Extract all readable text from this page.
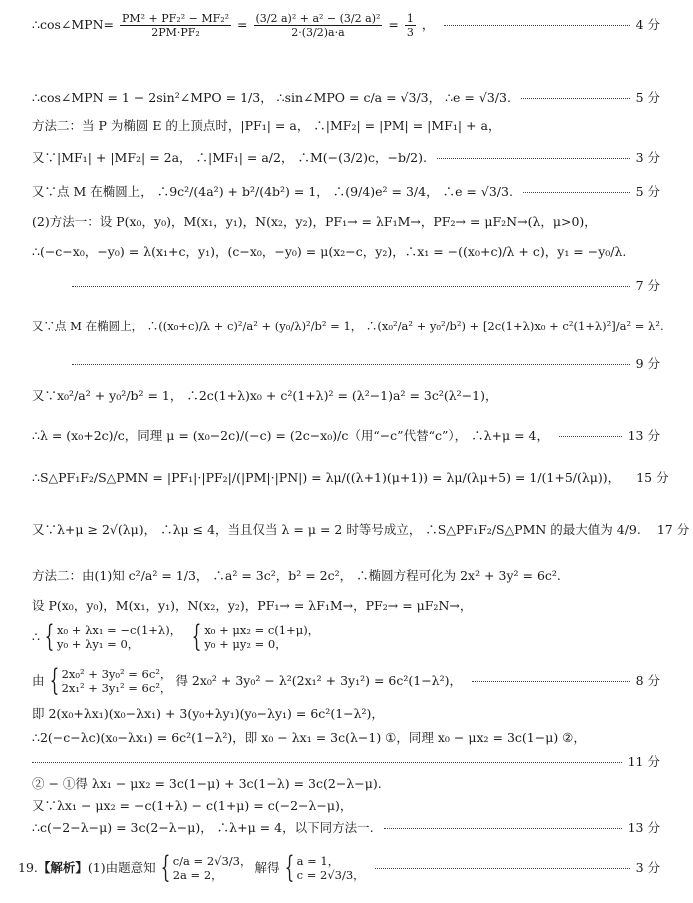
∴cos∠MPN= $\frac{\text{PM² + PF₂² − MF₂²}}{\text{2PM·PF₂}} = \frac{\text{(3/2 a)² + a² − (3/2 a)²}}{2\cdot(3/2)a\cdot a} = \frac{1}{3}$ ，	4 分
∴cos∠MPN = 1 − 2sin²∠MPO = 1/3， ∴sin∠MPO = c/a = √3/3， ∴e = √3/3.	5 分
方法二：当 P 为椭圆 E 的上顶点时，|PF₁| = a， ∴|MF₂| = |PM| = |MF₁| + a，
又∵|MF₁| + |MF₂| = 2a， ∴|MF₁| = a/2， ∴M(−(3/2)c，−b/2).	3 分
又∵点 M 在椭圆上， ∴9c²/(4a²) + b²/(4b²) = 1， ∴(9/4)e² = 3/4， ∴e = √3/3.	5 分
(2)方法一：设 P(x₀，y₀)，M(x₁，y₁)，N(x₂，y₂)，PF₁→ = λF₁M→，PF₂→ = μF₂N→(λ，μ>0)，
∴(−c−x₀，−y₀) = λ(x₁+c，y₁)，(c−x₀，−y₀) = μ(x₂−c，y₂)，∴x₁ = −((x₀+c)/λ + c)，y₁ = −y₀/λ.
7 分
又∵点 M 在椭圆上， ∴((x₀+c)/λ + c)²/a² + (y₀/λ)²/b² = 1， ∴(x₀²/a² + y₀²/b²) + [2c(1+λ)x₀ + c²(1+λ)²]/a² = λ².
9 分
又∵x₀²/a² + y₀²/b² = 1， ∴2c(1+λ)x₀ + c²(1+λ)² = (λ²−1)a² = 3c²(λ²−1)，
∴λ = (x₀+2c)/c，同理 μ = (x₀−2c)/(−c) = (2c−x₀)/c（用“−c”代替“c”）， ∴λ+μ = 4，	13 分
∴S△PF₁F₂/S△PMN = |PF₁|·|PF₂|/(|PM|·|PN|) = λμ/((λ+1)(μ+1)) = λμ/(λμ+5) = 1/(1+5/(λμ))， 15 分
又∵λ+μ ≥ 2√(λμ)， ∴λμ ≤ 4，当且仅当 λ = μ = 2 时等号成立， ∴S△PF₁F₂/S△PMN 的最大值为 4/9. 17 分
方法二：由(1)知 c²/a² = 1/3， ∴a² = 3c²，b² = 2c²， ∴椭圆方程可化为 2x² + 3y² = 6c².
设 P(x₀，y₀)，M(x₁，y₁)，N(x₂，y₂)，PF₁→ = λF₁M→，PF₂→ = μF₂N→，
∴ { x₀ + λx₁ = −c(1+λ)，
y₀ + λy₁ = 0，	{ x₀ + μx₂ = c(1+μ)，
y₀ + μy₂ = 0，
由 { 2x₀² + 3y₀² = 6c²，
2x₁² + 3y₁² = 6c²， 得 2x₀² + 3y₀² − λ²(2x₁² + 3y₁²) = 6c²(1−λ²)，	8 分
即 2(x₀+λx₁)(x₀−λx₁) + 3(y₀+λy₁)(y₀−λy₁) = 6c²(1−λ²)，
∴2(−c−λc)(x₀−λx₁) = 6c²(1−λ²)，即 x₀ − λx₁ = 3c(λ−1) ①，同理 x₀ − μx₂ = 3c(1−μ) ②，
11 分
② − ①得 λx₁ − μx₂ = 3c(1−μ) + 3c(1−λ) = 3c(2−λ−μ).
又∵λx₁ − μx₂ = −c(1+λ) − c(1+μ) = c(−2−λ−μ)，
∴c(−2−λ−μ) = 3c(2−λ−μ)， ∴λ+μ = 4，以下同方法一.	13 分
19. 【解析】 (1)由题意知 { c/a = 2√3/3，
2a = 2，	解得 { a = 1，
c = 2√3/3，	3 分
